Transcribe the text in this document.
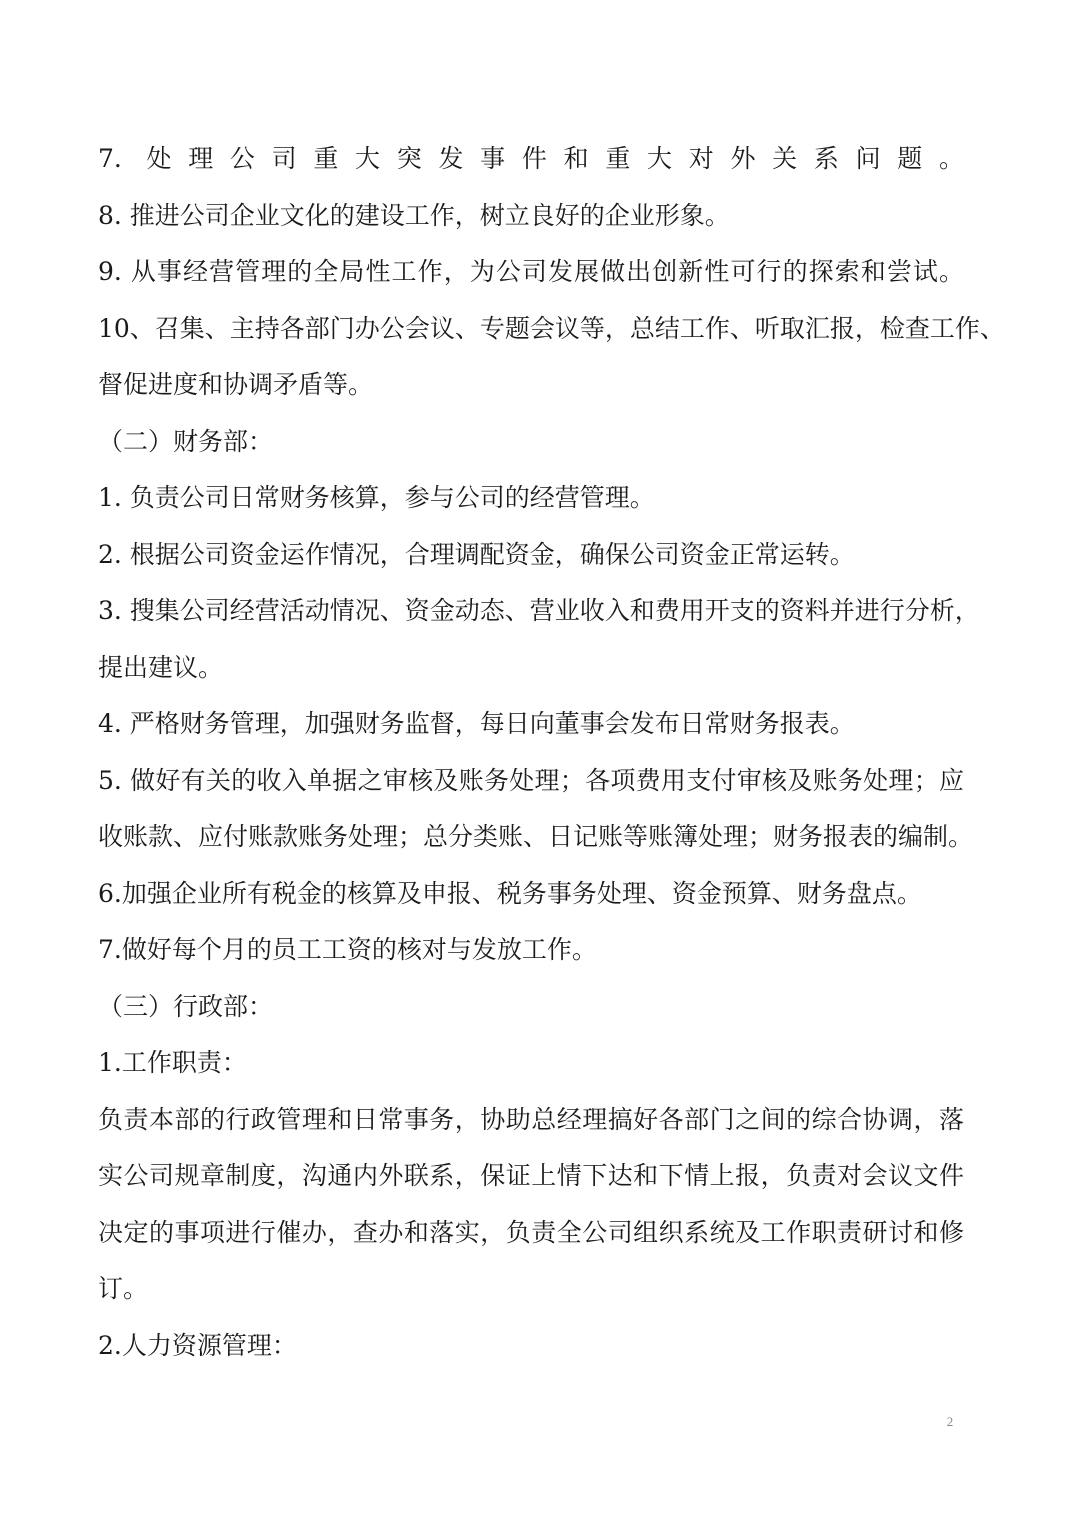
7. 处理公司重大突发事件和重大对外关系问题。
8. 推进公司企业文化的建设工作，树立良好的企业形象。
9. 从事经营管理的全局性工作，为公司发展做出创新性可行的探索和尝试。
10、召集、主持各部门办公会议、专题会议等，总结工作、听取汇报，检查工作、
督促进度和协调矛盾等。
（二）财务部：
1. 负责公司日常财务核算，参与公司的经营管理。
2. 根据公司资金运作情况，合理调配资金，确保公司资金正常运转。
3. 搜集公司经营活动情况、资金动态、营业收入和费用开支的资料并进行分析，
提出建议。
4. 严格财务管理，加强财务监督，每日向董事会发布日常财务报表。
5. 做好有关的收入单据之审核及账务处理；各项费用支付审核及账务处理；应
收账款、应付账款账务处理；总分类账、日记账等账簿处理；财务报表的编制。
6.加强企业所有税金的核算及申报、税务事务处理、资金预算、财务盘点。
7.做好每个月的员工工资的核对与发放工作。
（三）行政部：
1.工作职责：
负责本部的行政管理和日常事务，协助总经理搞好各部门之间的综合协调，落
实公司规章制度，沟通内外联系，保证上情下达和下情上报，负责对会议文件
决定的事项进行催办，查办和落实，负责全公司组织系统及工作职责研讨和修
订。
2.人力资源管理：
2
